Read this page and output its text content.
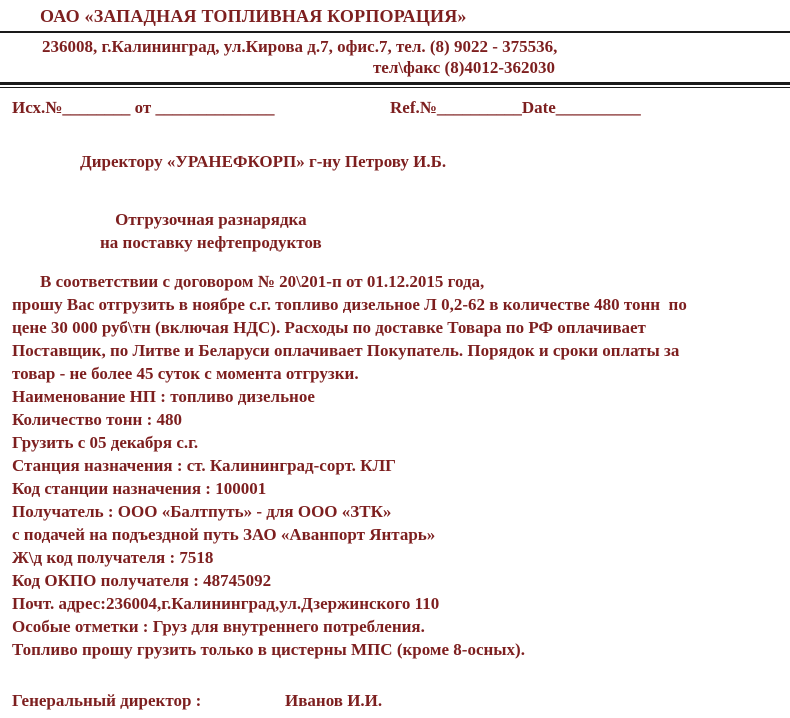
ОАО «ЗАПАДНАЯ ТОПЛИВНАЯ КОРПОРАЦИЯ»
236008, г.Калининград, ул.Кирова д.7, офис.7, тел. (8) 9022 - 375536,
тел\факс (8)4012-362030
Исх.№________ от ______________	Ref.№__________Date__________
Директору «УРАНЕФКОРП» г-ну Петрову И.Б.
Отгрузочная разнарядка
на поставку нефтепродуктов
В соответствии с договором № 20\201-п от 01.12.2015 года,
прошу Вас отгрузить в ноябре с.г. топливо дизельное Л 0,2-62 в количестве 480 тонн  по
цене 30 000 руб\тн (включая НДС). Расходы по доставке Товара по РФ оплачивает
Поставщик, по Литве и Беларуси оплачивает Покупатель. Порядок и сроки оплаты за
товар - не более 45 суток с момента отгрузки.
Наименование НП : топливо дизельное
Количество тонн : 480
Грузить с 05 декабря с.г.
Станция назначения : ст. Калининград-сорт. КЛГ
Код станции назначения : 100001
Получатель : ООО «Балтпуть» - для ООО «ЗТК»
с подачей на подъездной путь ЗАО «Аванпорт Янтарь»
Ж\д код получателя : 7518
Код ОКПО получателя : 48745092
Почт. адрес:236004,г.Калининград,ул.Дзержинского 110
Особые отметки : Груз для внутреннего потребления.
Топливо прошу грузить только в цистерны МПС (кроме 8-осных).
Генеральный директор :	Иванов И.И.
